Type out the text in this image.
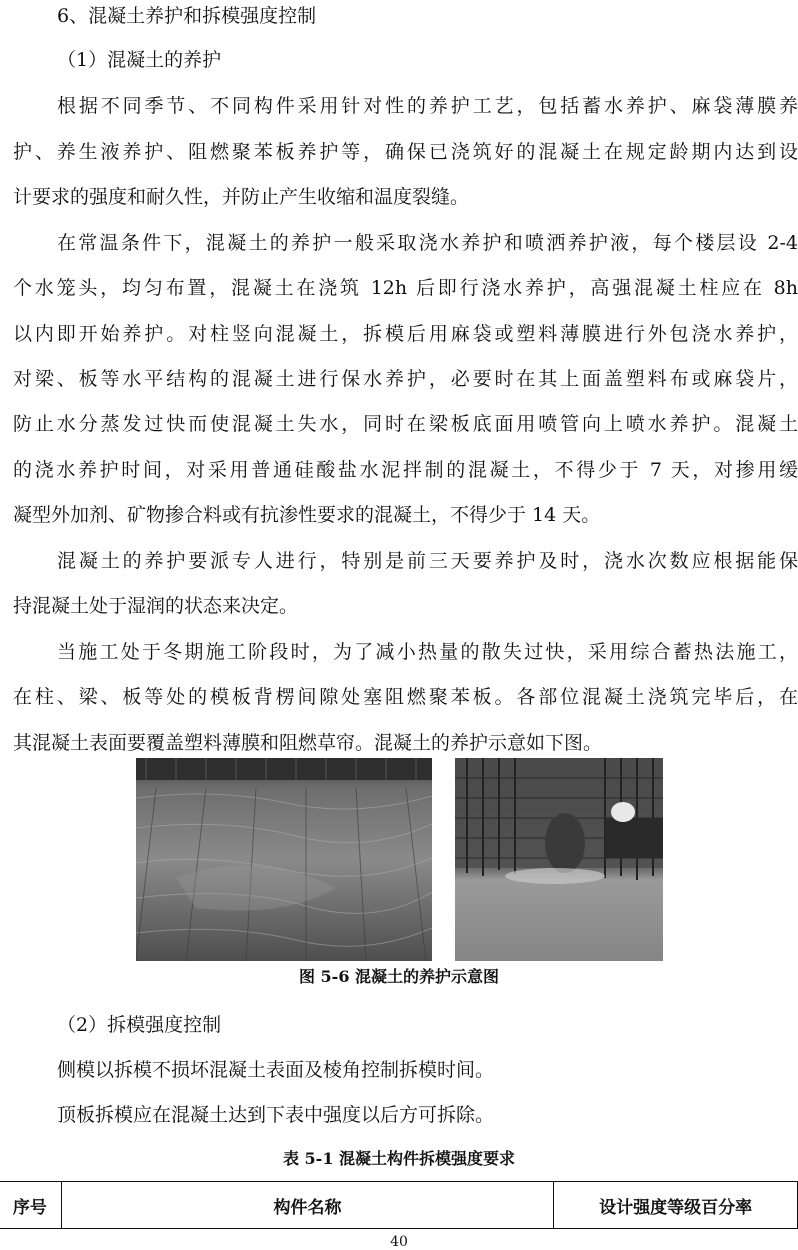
6、混凝土养护和拆模强度控制
（1）混凝土的养护
根据不同季节、不同构件采用针对性的养护工艺，包括蓄水养护、麻袋薄膜养
护、养生液养护、阻燃聚苯板养护等，确保已浇筑好的混凝土在规定龄期内达到设
计要求的强度和耐久性，并防止产生收缩和温度裂缝。
在常温条件下，混凝土的养护一般采取浇水养护和喷洒养护液，每个楼层设 2-4
个水笼头，均匀布置，混凝土在浇筑 12h 后即行浇水养护，高强混凝土柱应在 8h
以内即开始养护。对柱竖向混凝土，拆模后用麻袋或塑料薄膜进行外包浇水养护，
对梁、板等水平结构的混凝土进行保水养护，必要时在其上面盖塑料布或麻袋片，
防止水分蒸发过快而使混凝土失水，同时在梁板底面用喷管向上喷水养护。混凝土
的浇水养护时间，对采用普通硅酸盐水泥拌制的混凝土，不得少于 7 天，对掺用缓
凝型外加剂、矿物掺合料或有抗渗性要求的混凝土，不得少于 14 天。
混凝土的养护要派专人进行，特别是前三天要养护及时，浇水次数应根据能保
持混凝土处于湿润的状态来决定。
当施工处于冬期施工阶段时，为了减小热量的散失过快，采用综合蓄热法施工，
在柱、梁、板等处的模板背楞间隙处塞阻燃聚苯板。各部位混凝土浇筑完毕后，在
其混凝土表面要覆盖塑料薄膜和阻燃草帘。混凝土的养护示意如下图。
图 5-6 混凝土的养护示意图
（2）拆模强度控制
侧模以拆模不损坏混凝土表面及棱角控制拆模时间。
顶板拆模应在混凝土达到下表中强度以后方可拆除。
表 5-1 混凝土构件拆模强度要求
序号	构件名称	设计强度等级百分率
40
